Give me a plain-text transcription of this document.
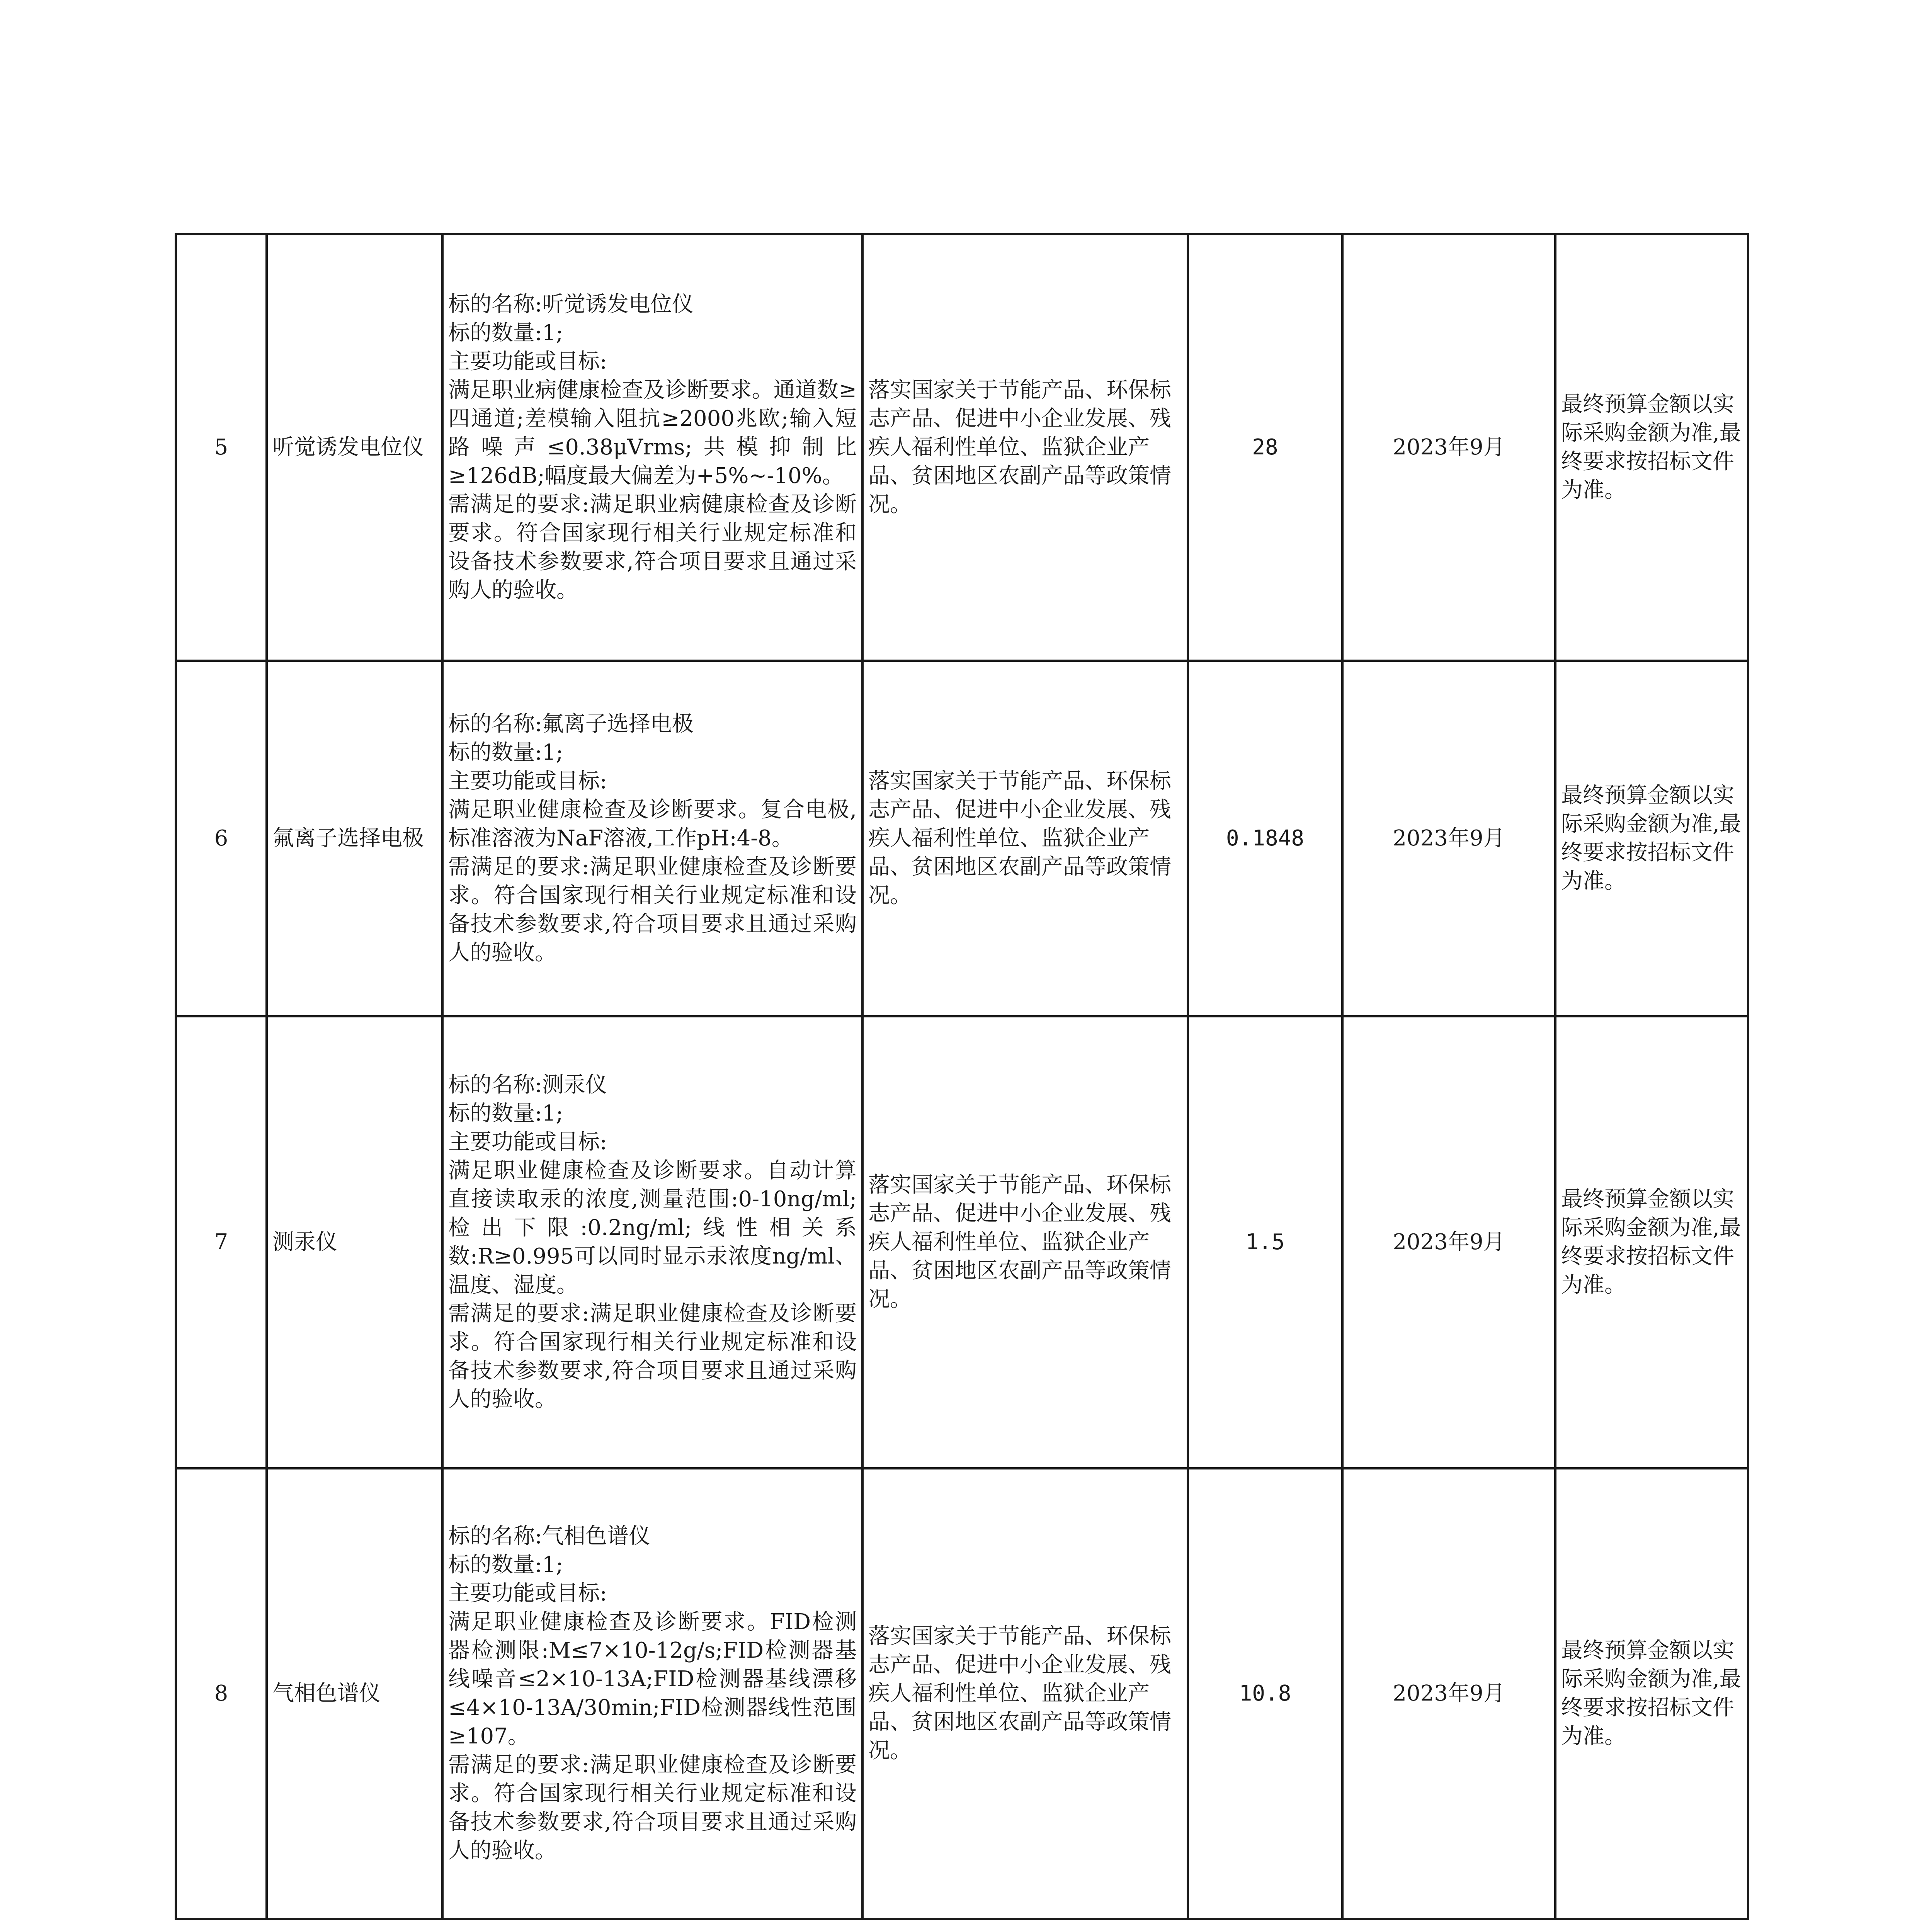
5	听觉诱发电位仪	标的名称:听觉诱发电位仪
标的数量:1;
主要功能或目标:
满足职业病健康检查及诊断要求。通道数≥四通道;差模输入阻抗≥2000兆欧;输入短路噪声≤0.38μVrms;共模抑制比≥126dB;幅度最大偏差为+5%~-10%。
需满足的要求:满足职业病健康检查及诊断要求。符合国家现行相关行业规定标准和设备技术参数要求,符合项目要求且通过采购人的验收。	落实国家关于节能产品、环保标志产品、促进中小企业发展、残疾人福利性单位、监狱企业产品、贫困地区农副产品等政策情况。	28	2023年9月	最终预算金额以实际采购金额为准,最终要求按招标文件为准。
6	氟离子选择电极	标的名称:氟离子选择电极
标的数量:1;
主要功能或目标:
满足职业健康检查及诊断要求。复合电极,标准溶液为NaF溶液,工作pH:4-8。
需满足的要求:满足职业健康检查及诊断要求。符合国家现行相关行业规定标准和设备技术参数要求,符合项目要求且通过采购人的验收。	落实国家关于节能产品、环保标志产品、促进中小企业发展、残疾人福利性单位、监狱企业产品、贫困地区农副产品等政策情况。	0.1848	2023年9月	最终预算金额以实际采购金额为准,最终要求按招标文件为准。
7	测汞仪	标的名称:测汞仪
标的数量:1;
主要功能或目标:
满足职业健康检查及诊断要求。自动计算直接读取汞的浓度,测量范围:0-10ng/ml;检出下限:0.2ng/ml;线性相关系数:R≥0.995可以同时显示汞浓度ng/ml、温度、湿度。
需满足的要求:满足职业健康检查及诊断要求。符合国家现行相关行业规定标准和设备技术参数要求,符合项目要求且通过采购人的验收。	落实国家关于节能产品、环保标志产品、促进中小企业发展、残疾人福利性单位、监狱企业产品、贫困地区农副产品等政策情况。	1.5	2023年9月	最终预算金额以实际采购金额为准,最终要求按招标文件为准。
8	气相色谱仪	标的名称:气相色谱仪
标的数量:1;
主要功能或目标:
满足职业健康检查及诊断要求。FID检测器检测限:M≤7×10-12g/s;FID检测器基线噪音≤2×10-13A;FID检测器基线漂移≤4×10-13A/30min;FID检测器线性范围≥107。
需满足的要求:满足职业健康检查及诊断要求。符合国家现行相关行业规定标准和设备技术参数要求,符合项目要求且通过采购人的验收。	落实国家关于节能产品、环保标志产品、促进中小企业发展、残疾人福利性单位、监狱企业产品、贫困地区农副产品等政策情况。	10.8	2023年9月	最终预算金额以实际采购金额为准,最终要求按招标文件为准。
